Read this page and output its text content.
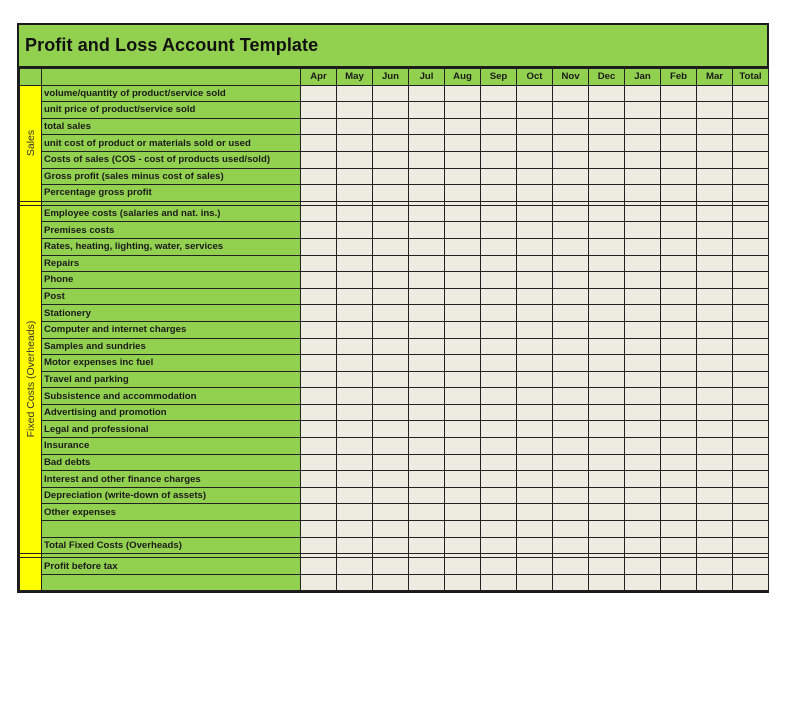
Profit and Loss Account Template
		Apr	May	Jun	Jul	Aug	Sep	Oct	Nov	Dec	Jan	Feb	Mar	Total

Sales	volume/quantity of product/service sold													
	unit price of product/service sold													
	total sales													
	unit cost of product or materials sold or used													
	Costs of sales (COS - cost of products used/sold)													
	Gross profit (sales minus cost of sales)													
	Percentage gross profit													

Fixed Costs (Overheads)	Employee costs (salaries and nat. ins.)													
	Premises costs													
	Rates, heating, lighting, water, services													
	Repairs													
	Phone													
	Post													
	Stationery													
	Computer and internet charges													
	Samples and sundries													
	Motor expenses inc fuel													
	Travel and parking													
	Subsistence and accommodation													
	Advertising and promotion													
	Legal and professional													
	Insurance													
	Bad debts													
	Interest and other finance charges													
	Depreciation (write-down of assets)													
	Other expenses													

	Total Fixed Costs (Overheads)													

	Profit before tax													
